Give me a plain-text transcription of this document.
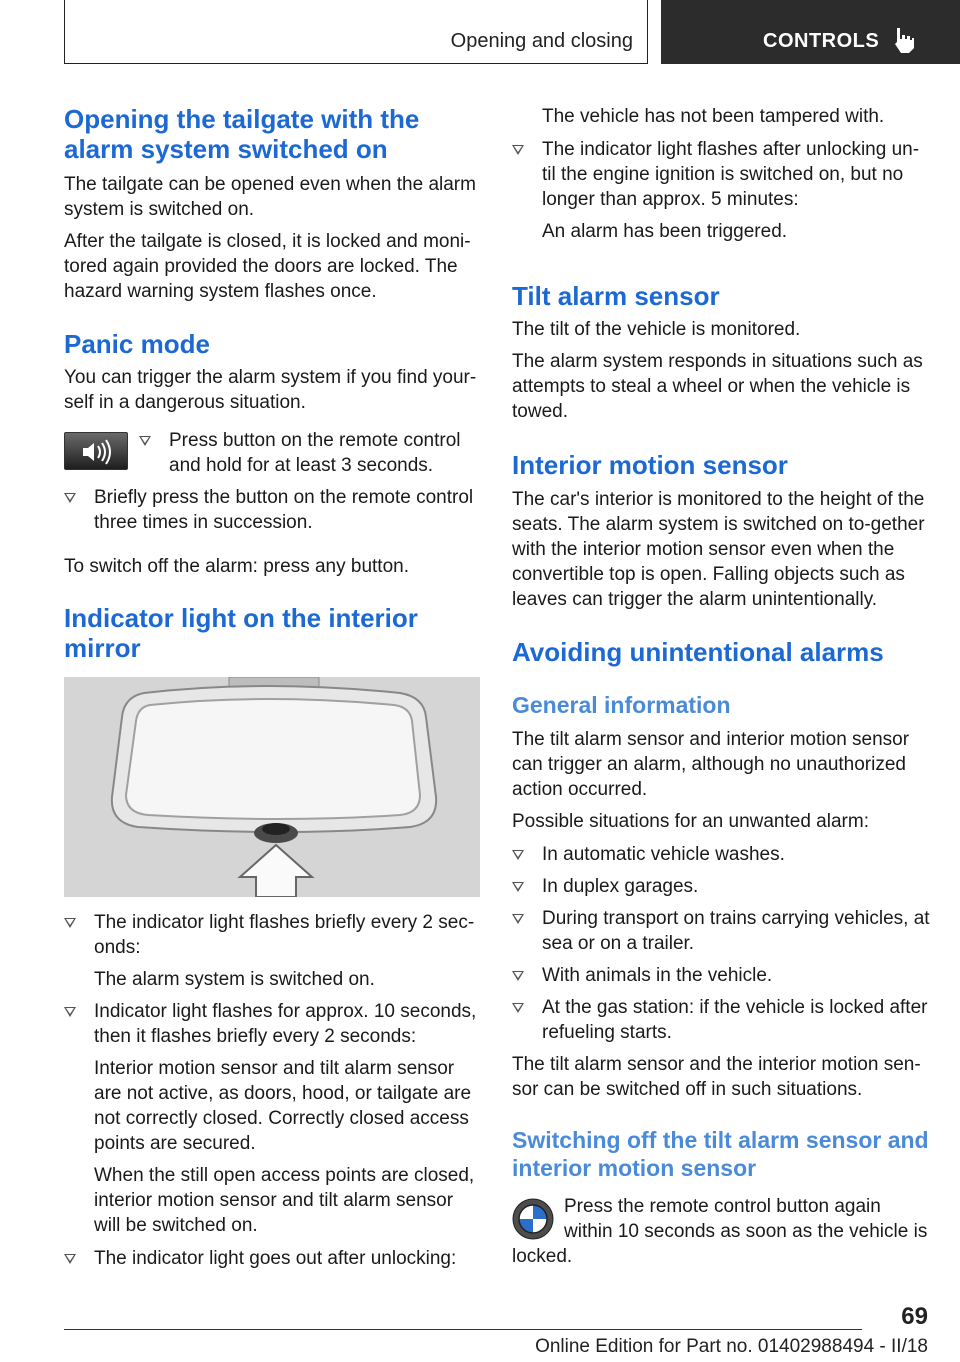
Opening and closing	CONTROLS
Opening the tailgate with the alarm system switched on

The tailgate can be opened even when the alarm system is switched on.

After the tailgate is closed, it is locked and moni‐tored again provided the doors are locked. The hazard warning system flashes once.

Panic mode

You can trigger the alarm system if you find your‐self in a dangerous situation.

Press button on the remote control and hold for at least 3 seconds.
Briefly press the button on the remote control three times in succession.

To switch off the alarm: press any button.

Indicator light on the interior mirror
The indicator light flashes briefly every 2 sec‐onds:
The alarm system is switched on.
Indicator light flashes for approx. 10 seconds, then it flashes briefly every 2 seconds:
Interior motion sensor and tilt alarm sensor are not active, as doors, hood, or tailgate are not correctly closed. Correctly closed access points are secured.
When the still open access points are closed, interior motion sensor and tilt alarm sensor will be switched on.
The indicator light goes out after unlocking:
The vehicle has not been tampered with.
The indicator light flashes after unlocking un‐til the engine ignition is switched on, but no longer than approx. 5 minutes:
An alarm has been triggered.
Tilt alarm sensor

The tilt of the vehicle is monitored.

The alarm system responds in situations such as attempts to steal a wheel or when the vehicle is towed.

Interior motion sensor

The car's interior is monitored to the height of the seats. The alarm system is switched on to‐gether with the interior motion sensor even when the convertible top is open. Falling objects such as leaves can trigger the alarm unintentionally.

Avoiding unintentional alarms
General information

The tilt alarm sensor and interior motion sensor can trigger an alarm, although no unauthorized action occurred.

Possible situations for an unwanted alarm:

In automatic vehicle washes.
In duplex garages.
During transport on trains carrying vehicles, at sea or on a trailer.
With animals in the vehicle.
At the gas station: if the vehicle is locked after refueling starts.

The tilt alarm sensor and the interior motion sen‐sor can be switched off in such situations.

Switching off the tilt alarm sensor and interior motion sensor

Press the remote control button again

within 10 seconds as soon as the vehicle is

locked.

69
Online Edition for Part no. 01402988494 - II/18
